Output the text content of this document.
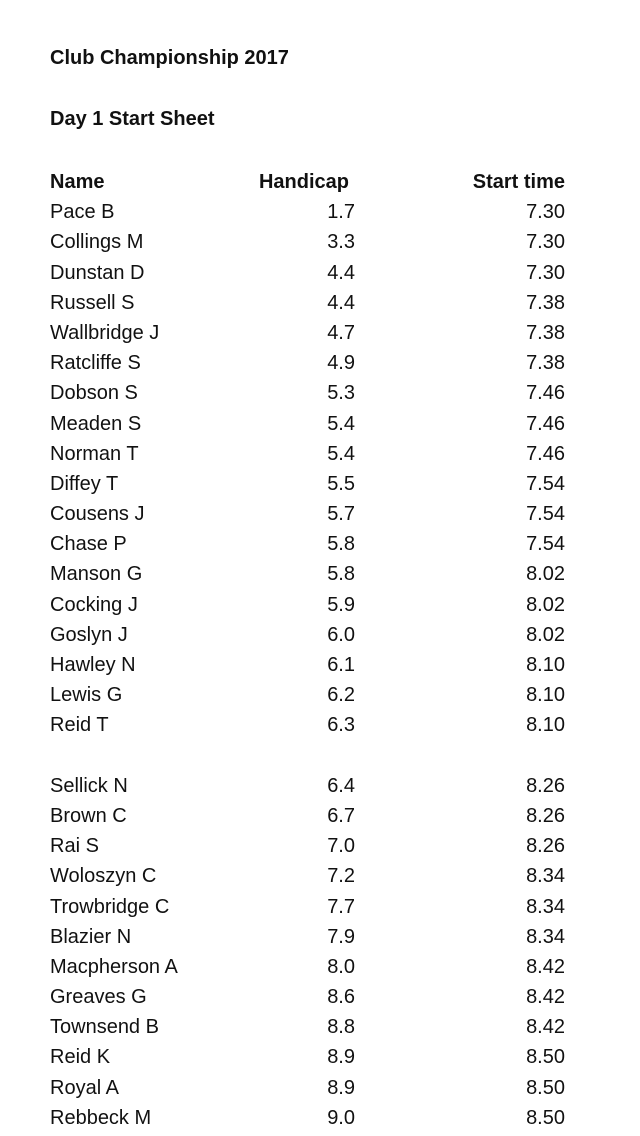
Club Championship 2017
Day 1 Start Sheet
Name	Handicap	Start time
Pace B	1.7	7.30
Collings M	3.3	7.30
Dunstan D	4.4	7.30
Russell S	4.4	7.38
Wallbridge J	4.7	7.38
Ratcliffe S	4.9	7.38
Dobson S	5.3	7.46
Meaden S	5.4	7.46
Norman T	5.4	7.46
Diffey T	5.5	7.54
Cousens J	5.7	7.54
Chase P	5.8	7.54
Manson G	5.8	8.02
Cocking J	5.9	8.02
Goslyn J	6.0	8.02
Hawley N	6.1	8.10
Lewis G	6.2	8.10
Reid T	6.3	8.10
Sellick N	6.4	8.26
Brown C	6.7	8.26
Rai S	7.0	8.26
Woloszyn C	7.2	8.34
Trowbridge C	7.7	8.34
Blazier N	7.9	8.34
Macpherson A	8.0	8.42
Greaves G	8.6	8.42
Townsend B	8.8	8.42
Reid K	8.9	8.50
Royal A	8.9	8.50
Rebbeck M	9.0	8.50
